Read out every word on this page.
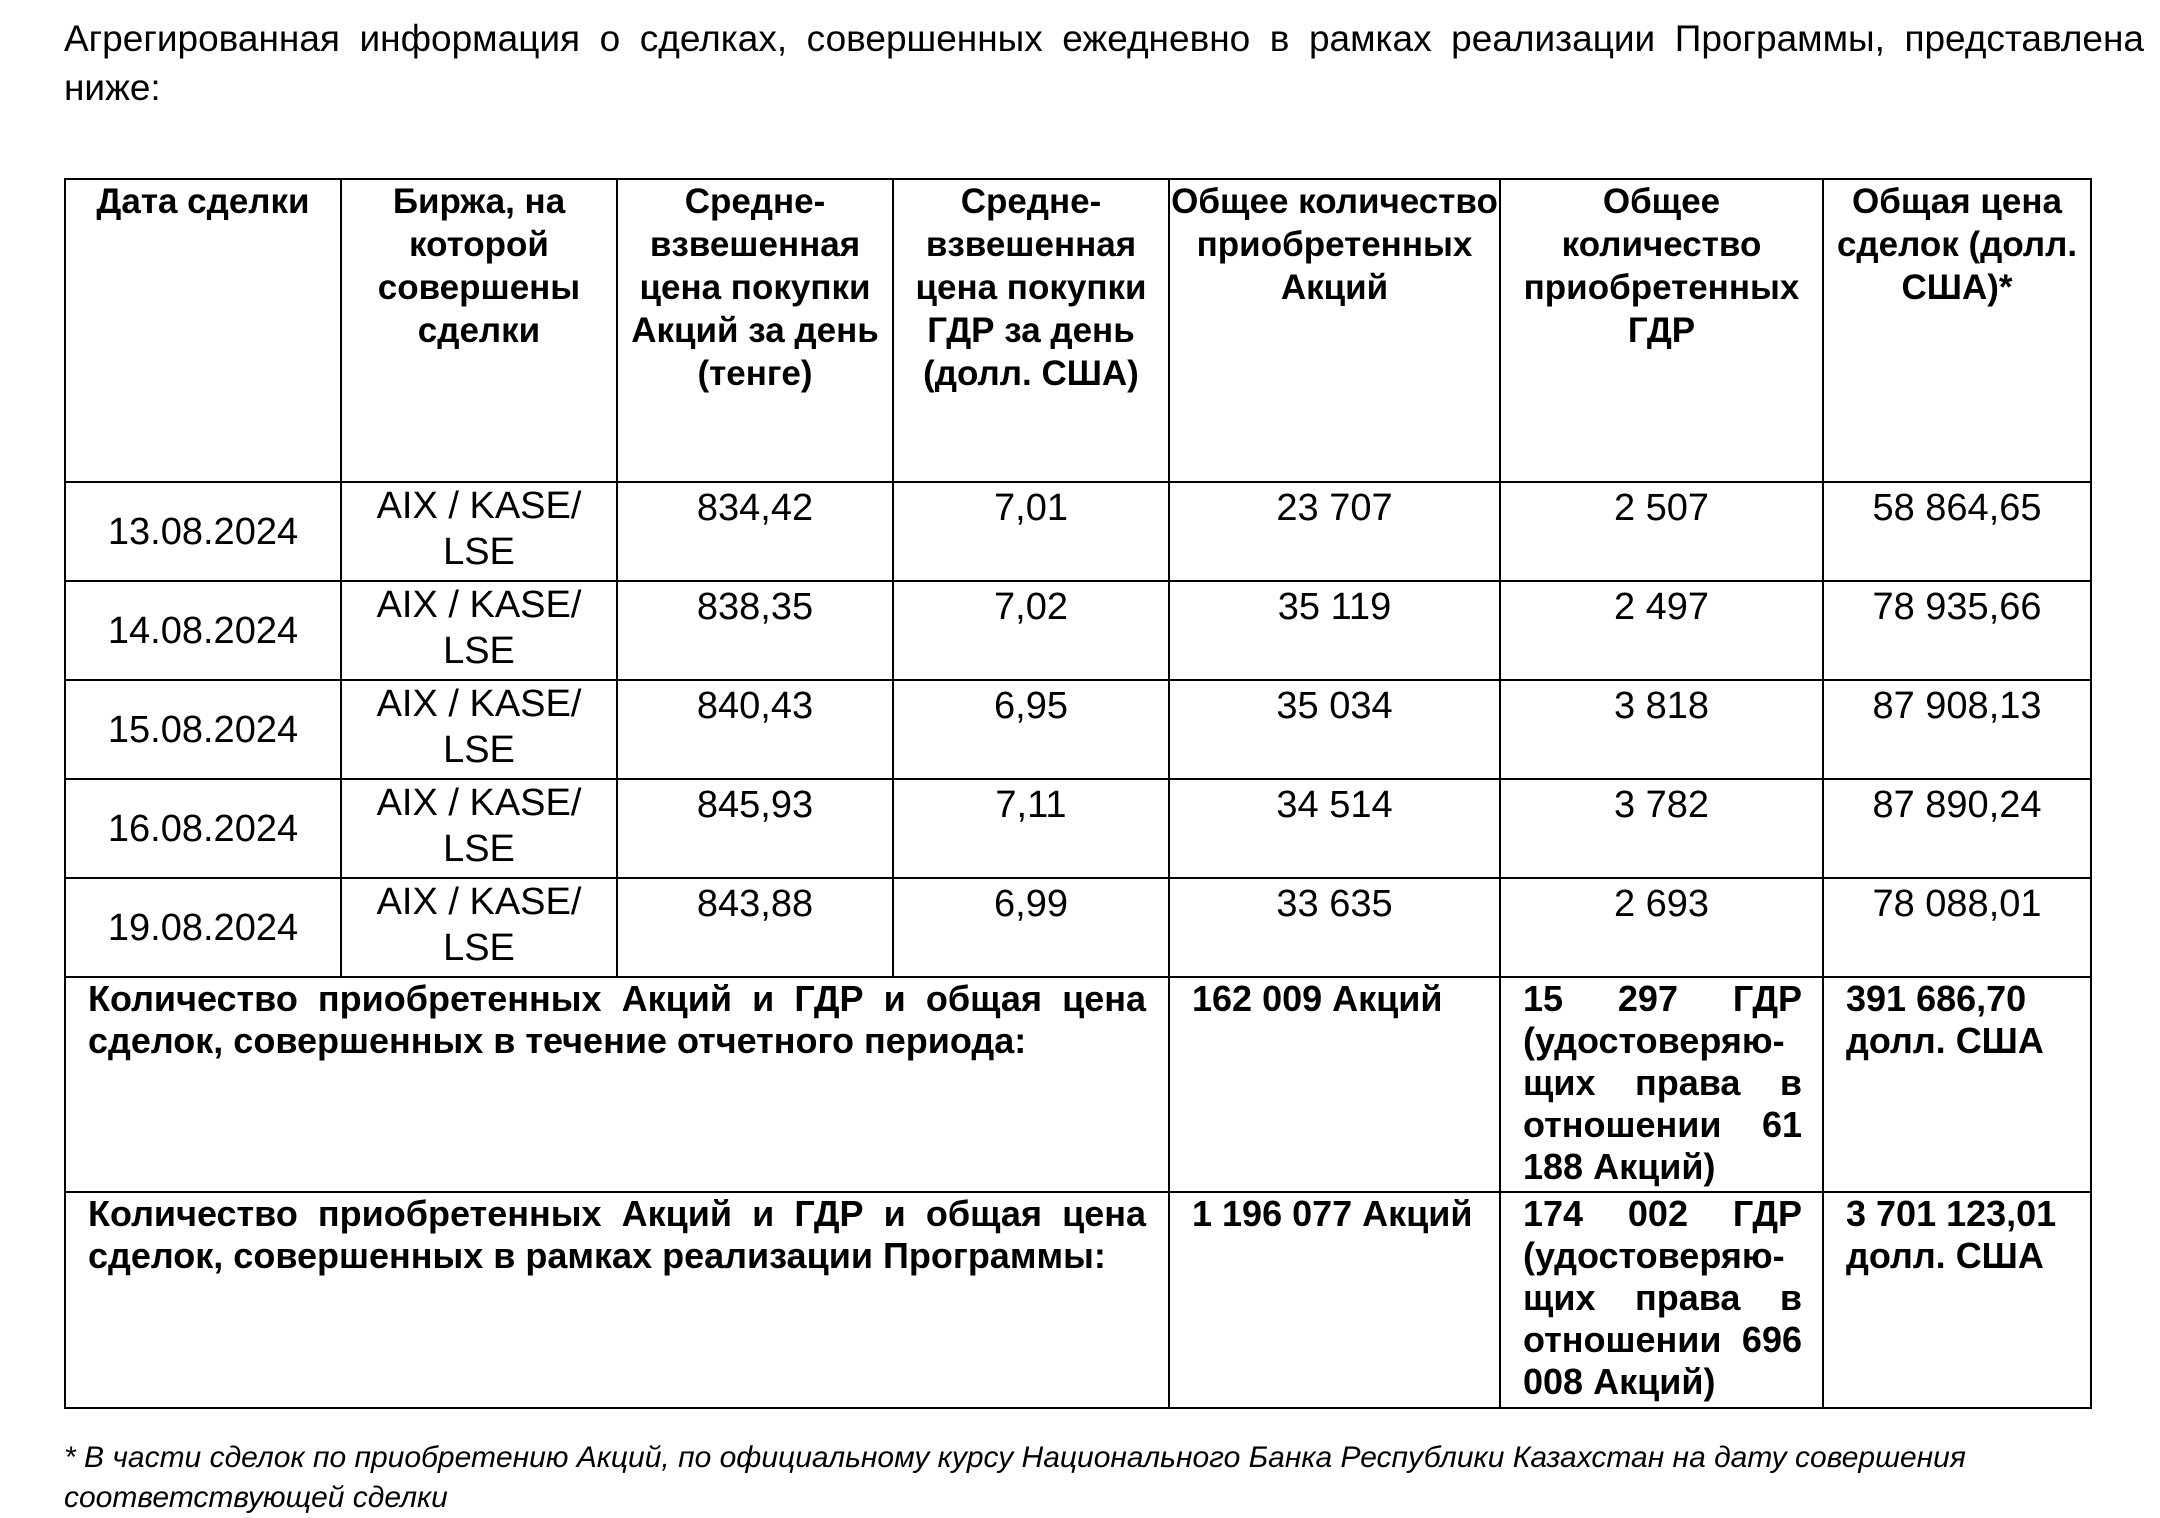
Агрегированная информация о сделках, совершенных ежедневно в рамках реализации Программы, представлена ниже:

Дата сделки	Биржа, на которой совершены сделки	Средне-взвешенная цена покупки Акций за день (тенге)	Средне-взвешенная цена покупки ГДР за день (долл. США)	Общее количество приобретенных Акций	Общее количество приобретенных ГДР	Общая цена сделок (долл. США)*
13.08.2024	AIX / KASE/ LSE	834,42	7,01	23 707	2 507	58 864,65
14.08.2024	AIX / KASE/ LSE	838,35	7,02	35 119	2 497	78 935,66
15.08.2024	AIX / KASE/ LSE	840,43	6,95	35 034	3 818	87 908,13
16.08.2024	AIX / KASE/ LSE	845,93	7,11	34 514	3 782	87 890,24
19.08.2024	AIX / KASE/ LSE	843,88	6,99	33 635	2 693	78 088,01
Количество приобретенных Акций и ГДР и общая цена сделок, совершенных в течение отчетного периода:				162 009 Акций	15 297 ГДР (удостоверяю-щих права в отношении 61 188 Акций)	391 686,70 долл. США
Количество приобретенных Акций и ГДР и общая цена сделок, совершенных в рамках реализации Программы:				1 196 077 Акций	174 002 ГДР (удостоверяю-щих права в отношении 696 008 Акций)	3 701 123,01 долл. США

* В части сделок по приобретению Акций, по официальному курсу Национального Банка Республики Казахстан на дату совершения соответствующей сделки
